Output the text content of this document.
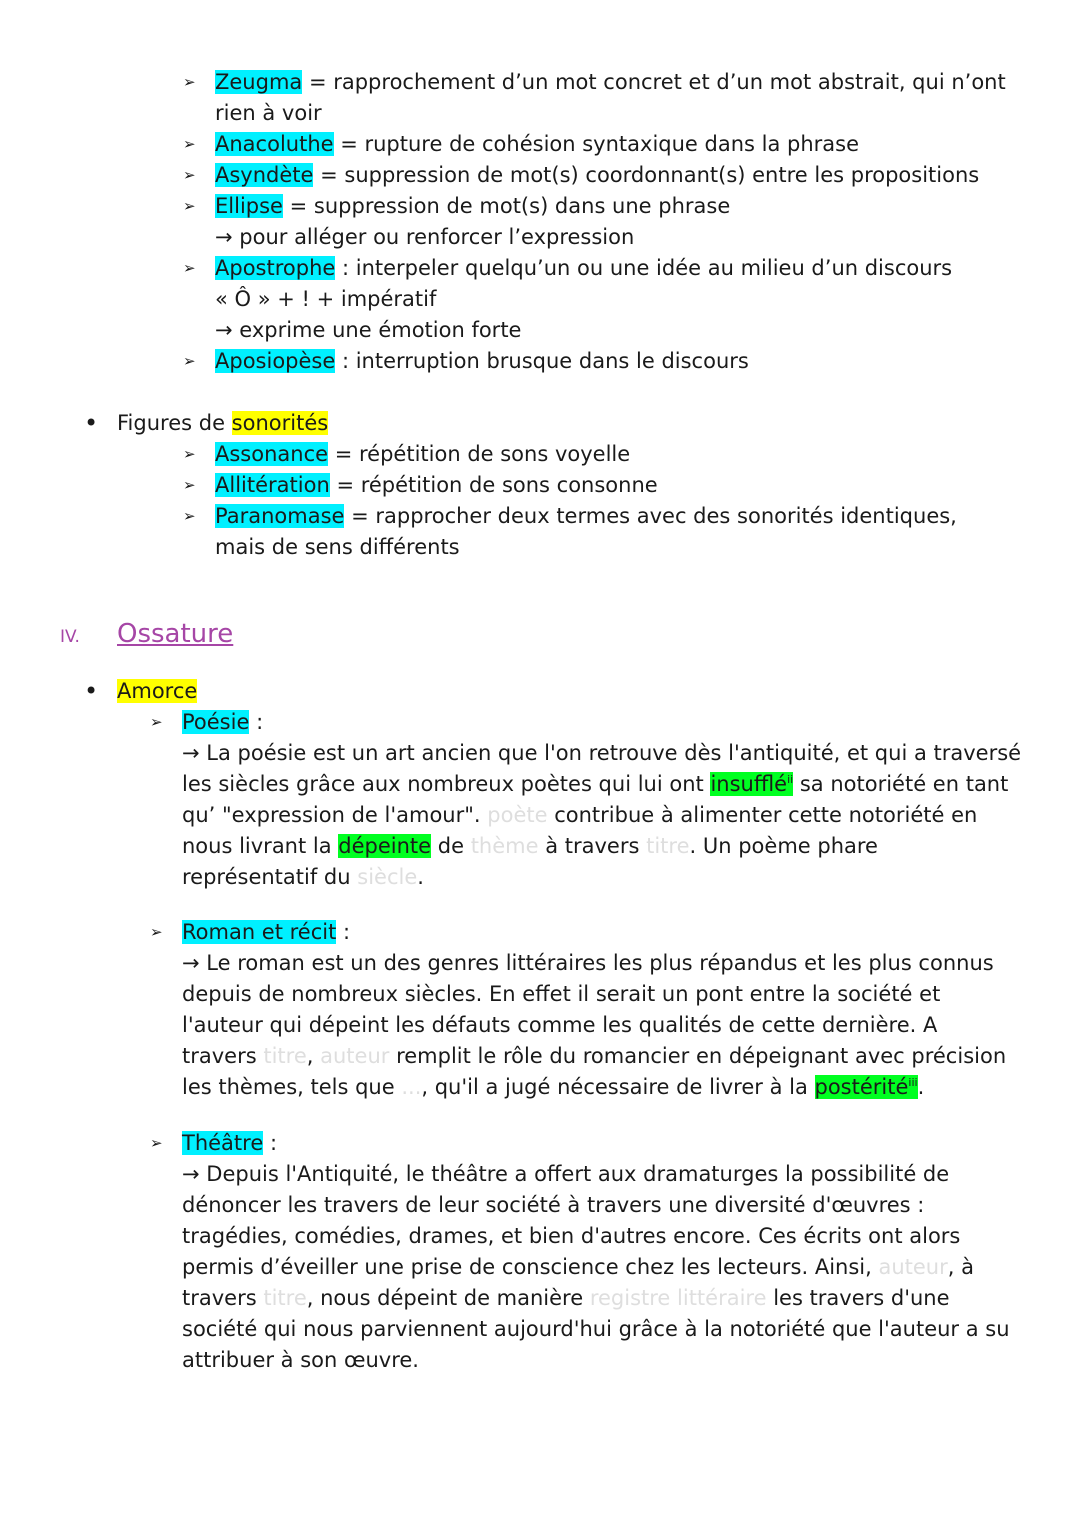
➢ Zeugma = rapprochement d’un mot concret et d’un mot abstrait, qui n’ont
rien à voir
➢ Anacoluthe = rupture de cohésion syntaxique dans la phrase
➢ Asyndète = suppression de mot(s) coordonnant(s) entre les propositions
➢ Ellipse = suppression de mot(s) dans une phrase
→ pour alléger ou renforcer l’expression
➢ Apostrophe : interpeler quelqu’un ou une idée au milieu d’un discours
« Ô » + ! + impératif
→ exprime une émotion forte
➢ Aposiopèse : interruption brusque dans le discours
• Figures de sonorités
➢ Assonance = répétition de sons voyelle
➢ Allitération = répétition de sons consonne
➢ Paranomase = rapprocher deux termes avec des sonorités identiques,
mais de sens différents
IV. Ossature
• Amorce
➢ Poésie :
→ La poésie est un art ancien que l'on retrouve dès l'antiquité, et qui a traversé
les siècles grâce aux nombreux poètes qui lui ont insufflé$^{ii}$ sa notoriété en tant
qu’ "expression de l'amour". poète contribue à alimenter cette notoriété en
nous livrant la dépeinte de thème à travers titre. Un poème phare
représentatif du siècle.
➢ Roman et récit :
→ Le roman est un des genres littéraires les plus répandus et les plus connus
depuis de nombreux siècles. En effet il serait un pont entre la société et
l'auteur qui dépeint les défauts comme les qualités de cette dernière. A
travers titre, auteur remplit le rôle du romancier en dépeignant avec précision
les thèmes, tels que ..., qu'il a jugé nécessaire de livrer à la postérité$^{iii}$.
➢ Théâtre :
→ Depuis l'Antiquité, le théâtre a offert aux dramaturges la possibilité de
dénoncer les travers de leur société à travers une diversité d'œuvres :
tragédies, comédies, drames, et bien d'autres encore. Ces écrits ont alors
permis d’éveiller une prise de conscience chez les lecteurs. Ainsi, auteur, à
travers titre, nous dépeint de manière registre littéraire les travers d'une
société qui nous parviennent aujourd'hui grâce à la notoriété que l'auteur a su
attribuer à son œuvre.
